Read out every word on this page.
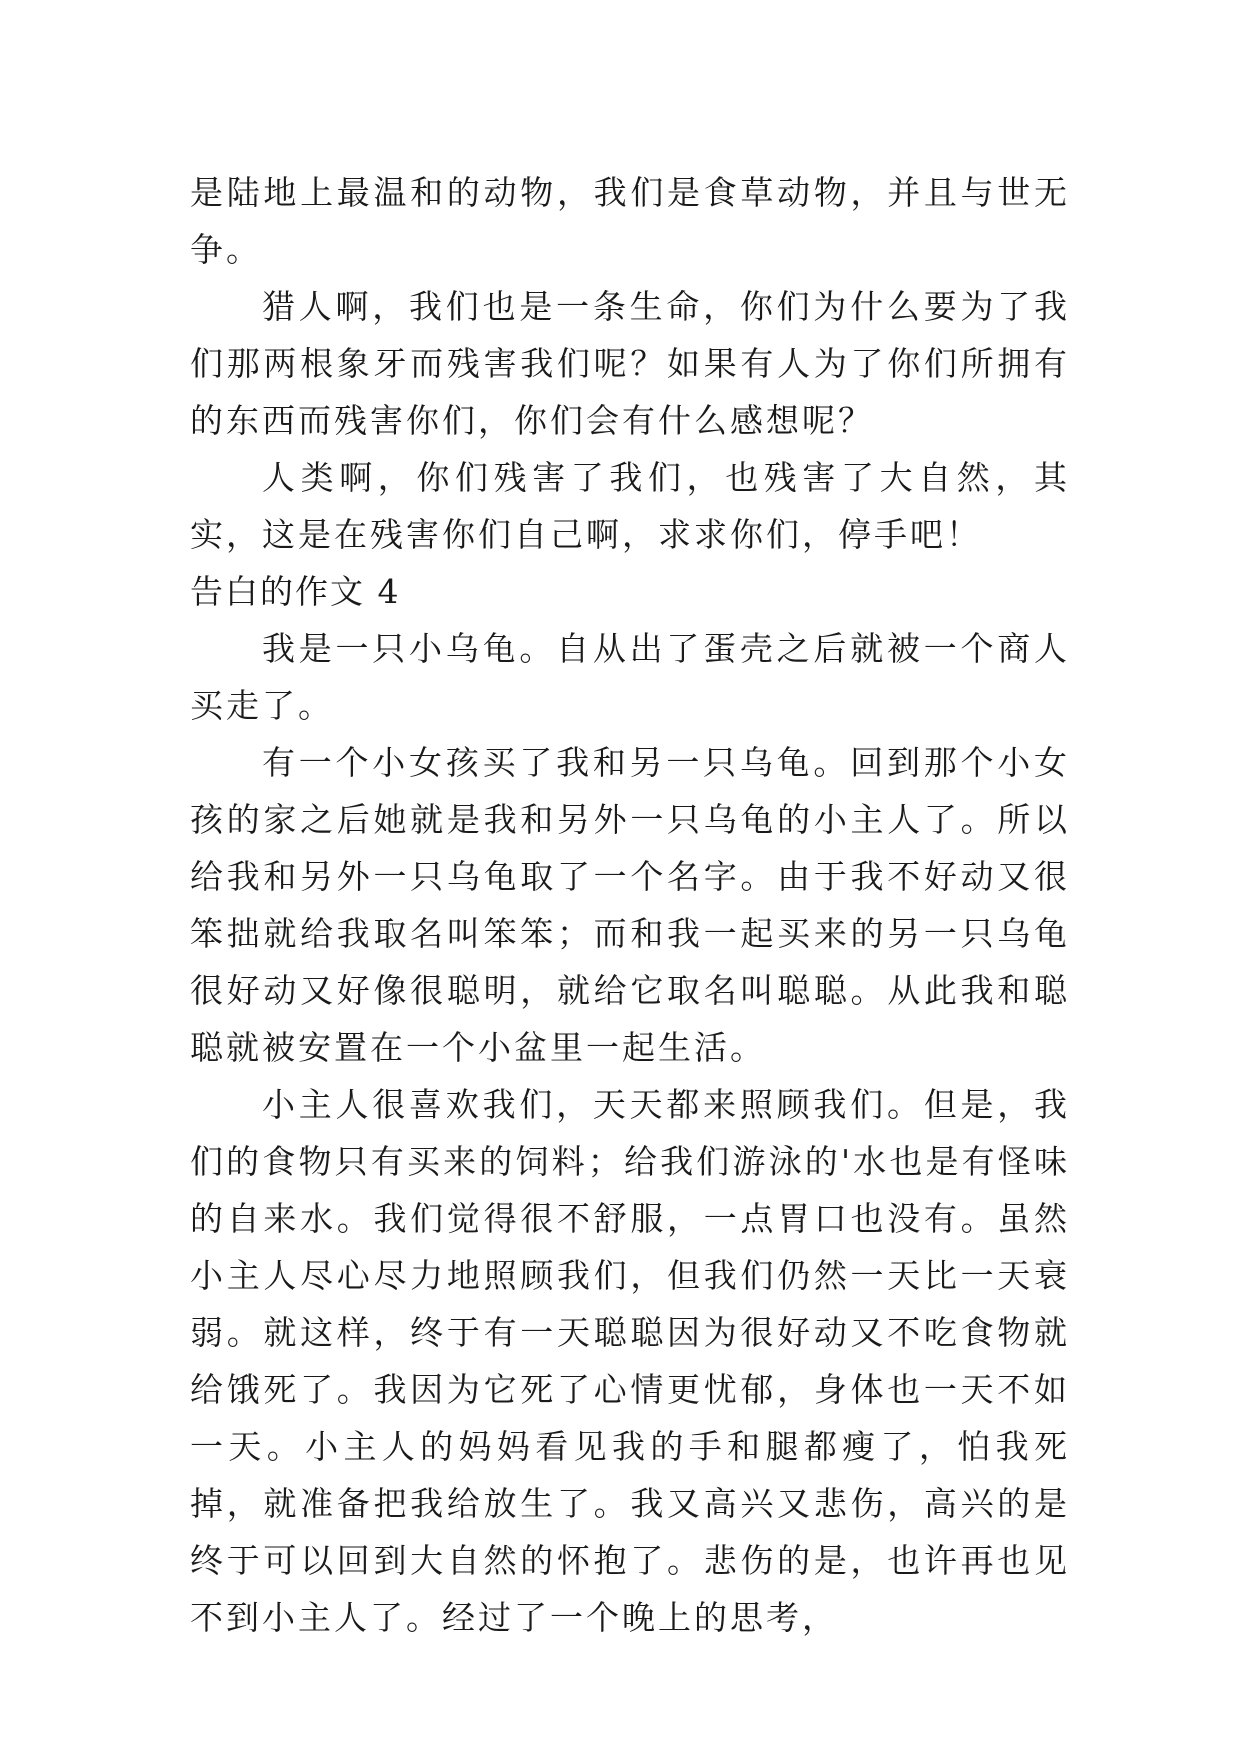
是陆地上最温和的动物，我们是食草动物，并且与世无争。

猎人啊，我们也是一条生命，你们为什么要为了我们那两根象牙而残害我们呢？如果有人为了你们所拥有的东西而残害你们，你们会有什么感想呢？

人类啊，你们残害了我们，也残害了大自然，其实，这是在残害你们自己啊，求求你们，停手吧！

告白的作文 4

我是一只小乌龟。自从出了蛋壳之后就被一个商人买走了。

有一个小女孩买了我和另一只乌龟。回到那个小女孩的家之后她就是我和另外一只乌龟的小主人了。所以给我和另外一只乌龟取了一个名字。由于我不好动又很笨拙就给我取名叫笨笨；而和我一起买来的另一只乌龟很好动又好像很聪明，就给它取名叫聪聪。从此我和聪聪就被安置在一个小盆里一起生活。

小主人很喜欢我们，天天都来照顾我们。但是，我们的食物只有买来的饲料；给我们游泳的'水也是有怪味的自来水。我们觉得很不舒服，一点胃口也没有。虽然小主人尽心尽力地照顾我们，但我们仍然一天比一天衰弱。就这样，终于有一天聪聪因为很好动又不吃食物就给饿死了。我因为它死了心情更忧郁，身体也一天不如一天。小主人的妈妈看见我的手和腿都瘦了，怕我死掉，就准备把我给放生了。我又高兴又悲伤，高兴的是终于可以回到大自然的怀抱了。悲伤的是，也许再也见不到小主人了。经过了一个晚上的思考，
